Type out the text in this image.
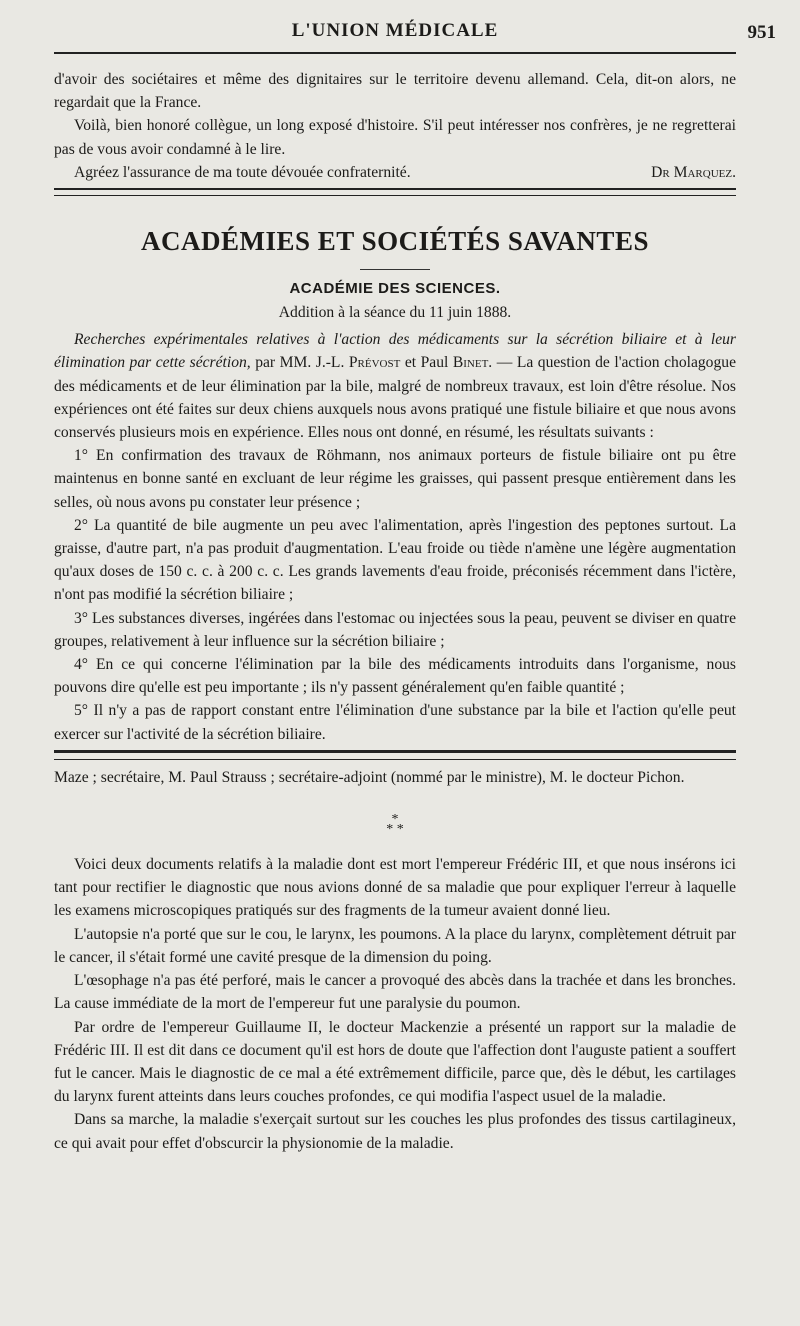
L'UNION MÉDICALE	951

d'avoir des sociétaires et même des dignitaires sur le territoire devenu allemand. Cela, dit-on alors, ne regardait que la France.

Voilà, bien honoré collègue, un long exposé d'histoire. S'il peut intéresser nos confrères, je ne regretterai pas de vous avoir condamné à le lire.

Agréez l'assurance de ma toute dévouée confraternité.	Dr Marquez.
ACADÉMIES ET SOCIÉTÉS SAVANTES
ACADÉMIE DES SCIENCES.

Addition à la séance du 11 juin 1888.

Recherches expérimentales relatives à l'action des médicaments sur la sécrétion biliaire et à leur élimination par cette sécrétion, par MM. J.-L. Prévost et Paul Binet. — La question de l'action cholagogue des médicaments et de leur élimination par la bile, malgré de nombreux travaux, est loin d'être résolue. Nos expériences ont été faites sur deux chiens auxquels nous avons pratiqué une fistule biliaire et que nous avons conservés plusieurs mois en expérience. Elles nous ont donné, en résumé, les résultats suivants :

1° En confirmation des travaux de Röhmann, nos animaux porteurs de fistule biliaire ont pu être maintenus en bonne santé en excluant de leur régime les graisses, qui passent presque entièrement dans les selles, où nous avons pu constater leur présence ;

2° La quantité de bile augmente un peu avec l'alimentation, après l'ingestion des peptones surtout. La graisse, d'autre part, n'a pas produit d'augmentation. L'eau froide ou tiède n'amène une légère augmentation qu'aux doses de 150 c. c. à 200 c. c. Les grands lavements d'eau froide, préconisés récemment dans l'ictère, n'ont pas modifié la sécrétion biliaire ;

3° Les substances diverses, ingérées dans l'estomac ou injectées sous la peau, peuvent se diviser en quatre groupes, relativement à leur influence sur la sécrétion biliaire ;

4° En ce qui concerne l'élimination par la bile des médicaments introduits dans l'organisme, nous pouvons dire qu'elle est peu importante ; ils n'y passent généralement qu'en faible quantité ;

5° Il n'y a pas de rapport constant entre l'élimination d'une substance par la bile et l'action qu'elle peut exercer sur l'activité de la sécrétion biliaire.

Maze ; secrétaire, M. Paul Strauss ; secrétaire-adjoint (nommé par le ministre), M. le docteur Pichon.

*
* *

Voici deux documents relatifs à la maladie dont est mort l'empereur Frédéric III, et que nous insérons ici tant pour rectifier le diagnostic que nous avions donné de sa maladie que pour expliquer l'erreur à laquelle les examens microscopiques pratiqués sur des fragments de la tumeur avaient donné lieu.

L'autopsie n'a porté que sur le cou, le larynx, les poumons. A la place du larynx, complètement détruit par le cancer, il s'était formé une cavité presque de la dimension du poing.

L'œsophage n'a pas été perforé, mais le cancer a provoqué des abcès dans la trachée et dans les bronches. La cause immédiate de la mort de l'empereur fut une paralysie du poumon.

Par ordre de l'empereur Guillaume II, le docteur Mackenzie a présenté un rapport sur la maladie de Frédéric III. Il est dit dans ce document qu'il est hors de doute que l'affection dont l'auguste patient a souffert fut le cancer. Mais le diagnostic de ce mal a été extrêmement difficile, parce que, dès le début, les cartilages du larynx furent atteints dans leurs couches profondes, ce qui modifia l'aspect usuel de la maladie.

Dans sa marche, la maladie s'exerçait surtout sur les couches les plus profondes des tissus cartilagineux, ce qui avait pour effet d'obscurcir la physionomie de la maladie.
